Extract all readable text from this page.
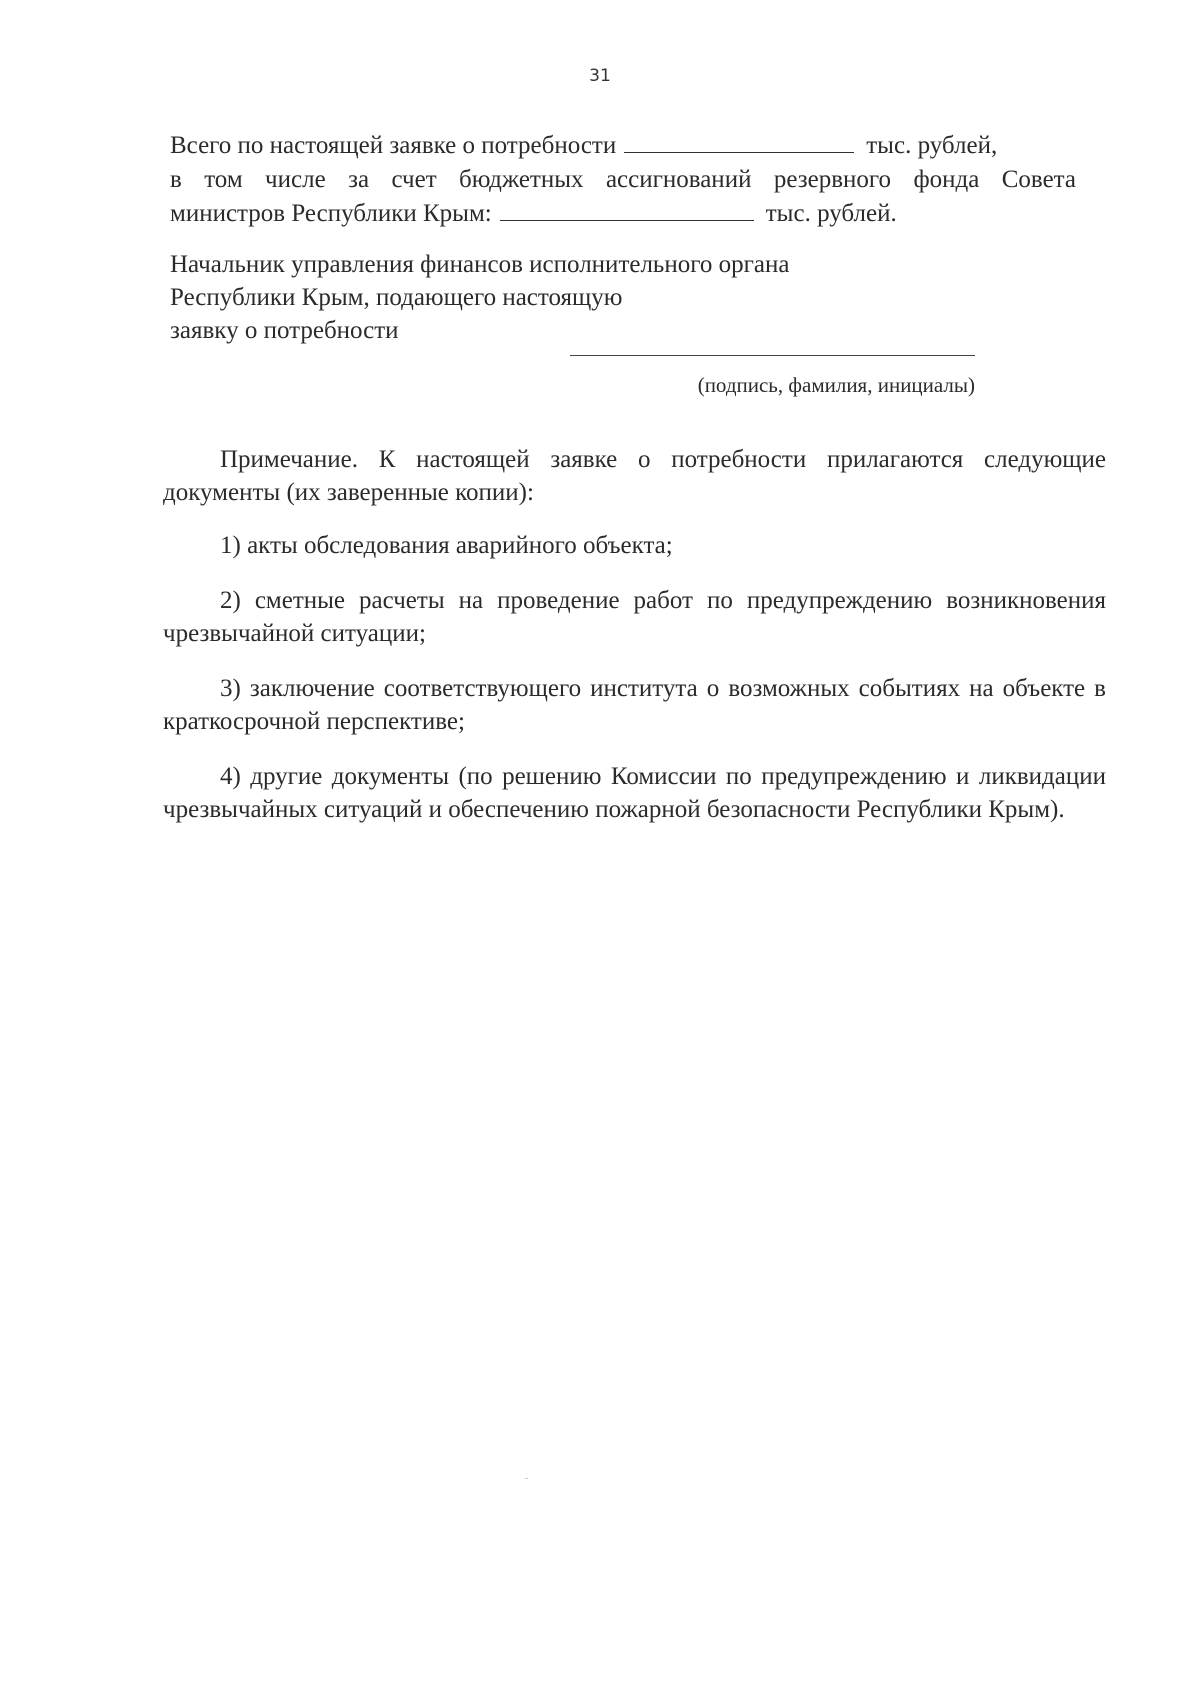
31
Всего по настоящей заявке о потребности	тыс. рублей,
в том числе за счет бюджетных ассигнований резервного фонда Совета
министров Республики Крым:	тыс. рублей.
Начальник управления финансов исполнительного органа
Республики Крым, подающего настоящую
заявку о потребности
(подпись, фамилия, инициалы)

Примечание. К настоящей заявке о потребности прилагаются следующие документы (их заверенные копии):

1) акты обследования аварийного объекта;

2) сметные расчеты на проведение работ по предупреждению возникновения чрезвычайной ситуации;

3) заключение соответствующего института о возможных событиях на объекте в краткосрочной перспективе;

4) другие документы (по решению Комиссии по предупреждению и ликвидации чрезвычайных ситуаций и обеспечению пожарной безопасности Республики Крым).
